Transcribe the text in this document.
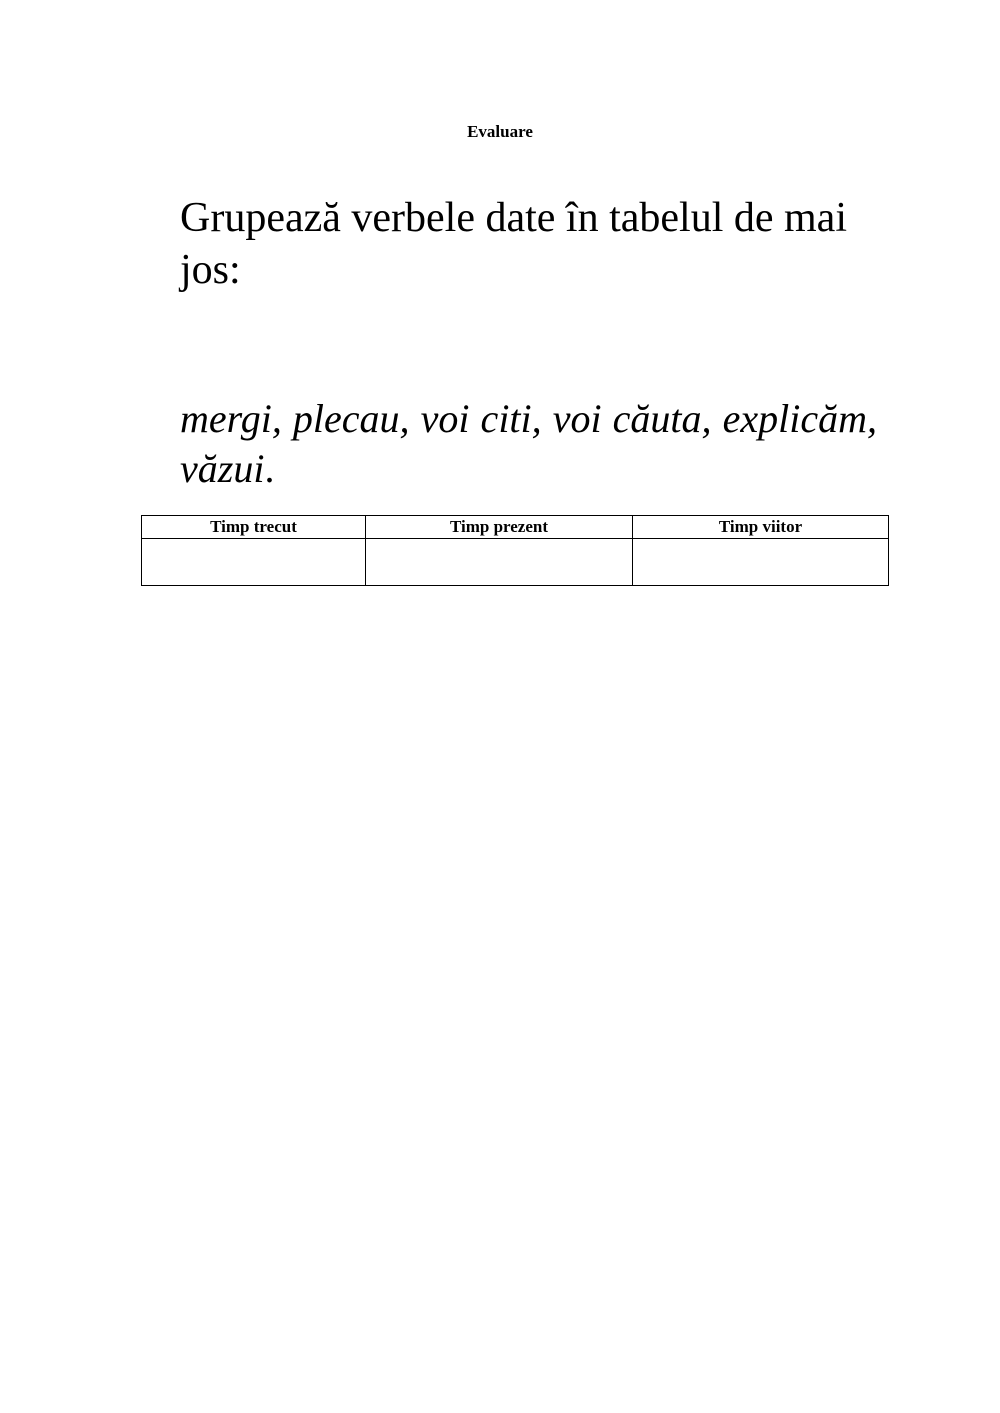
Evaluare

Grupează verbele date în tabelul de mai jos:

mergi, plecau, voi citi, voi căuta, explicăm, văzui.

Timp trecut	Timp prezent	Timp viitor
